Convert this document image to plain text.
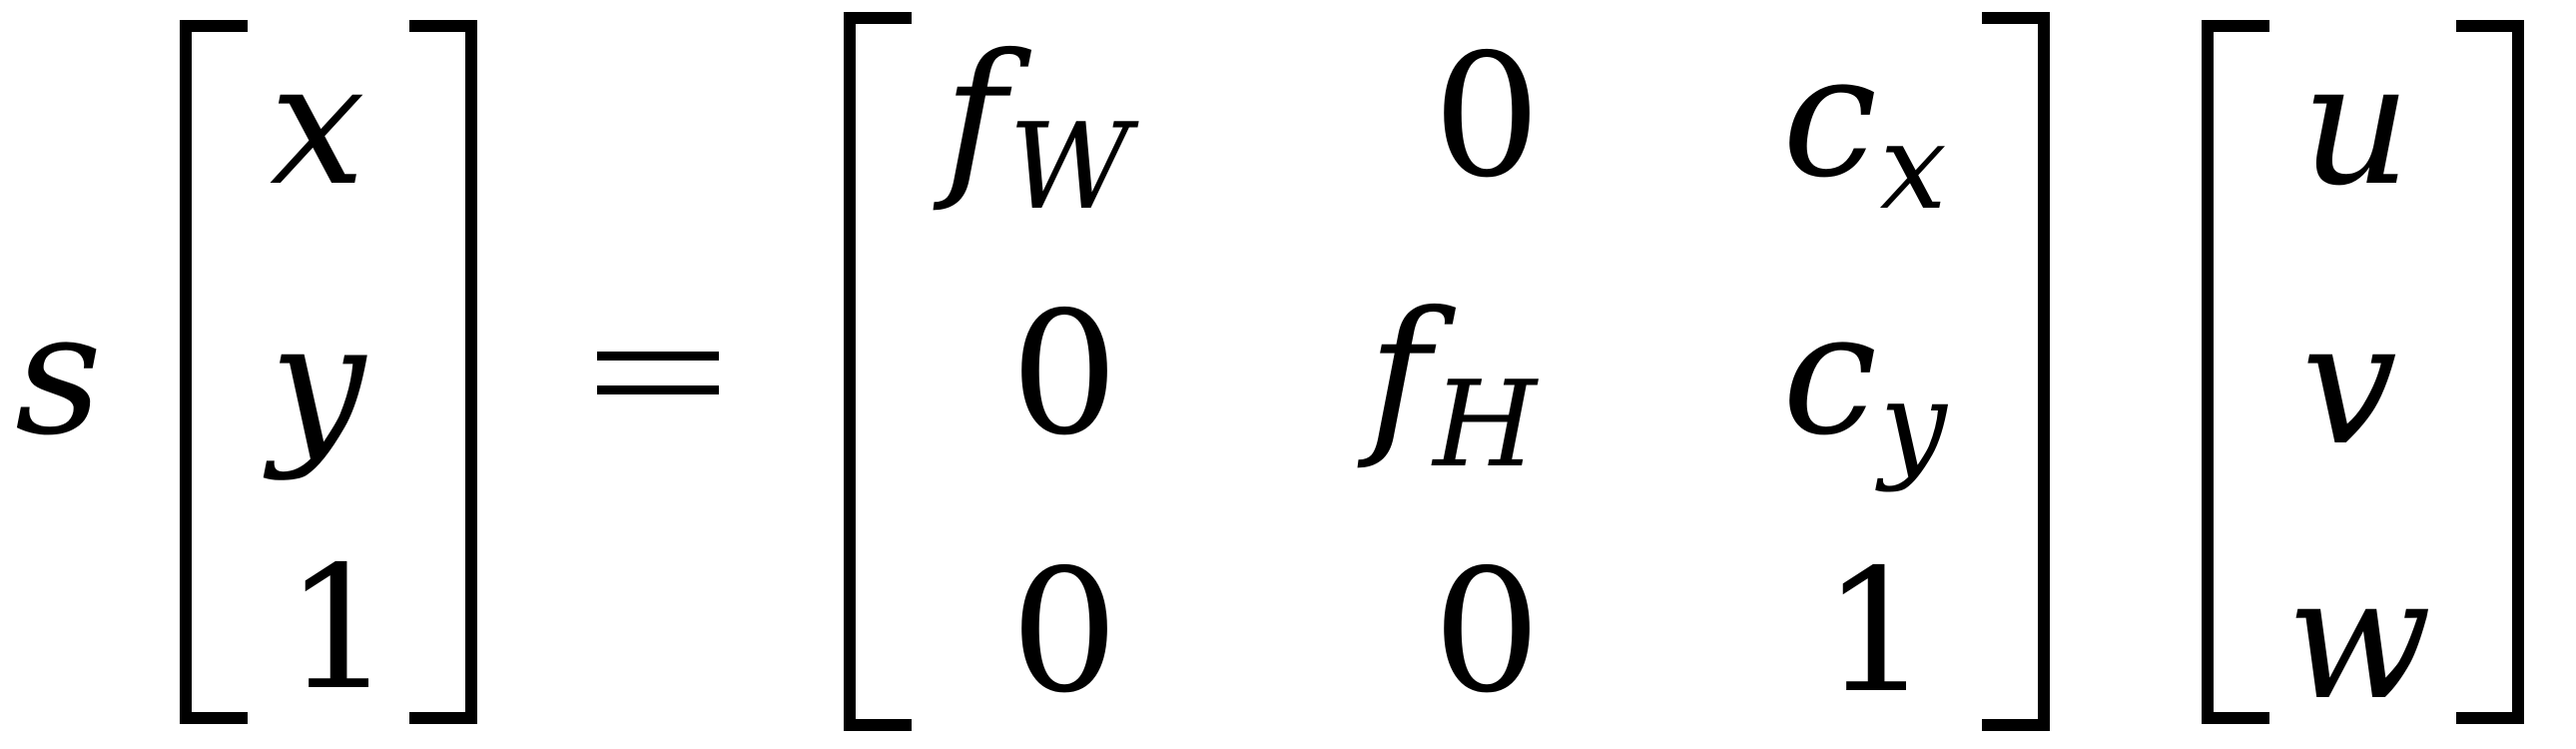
s
x
y
1
fW 0 cx
0 fH cy
0 0 1
u
v
w
